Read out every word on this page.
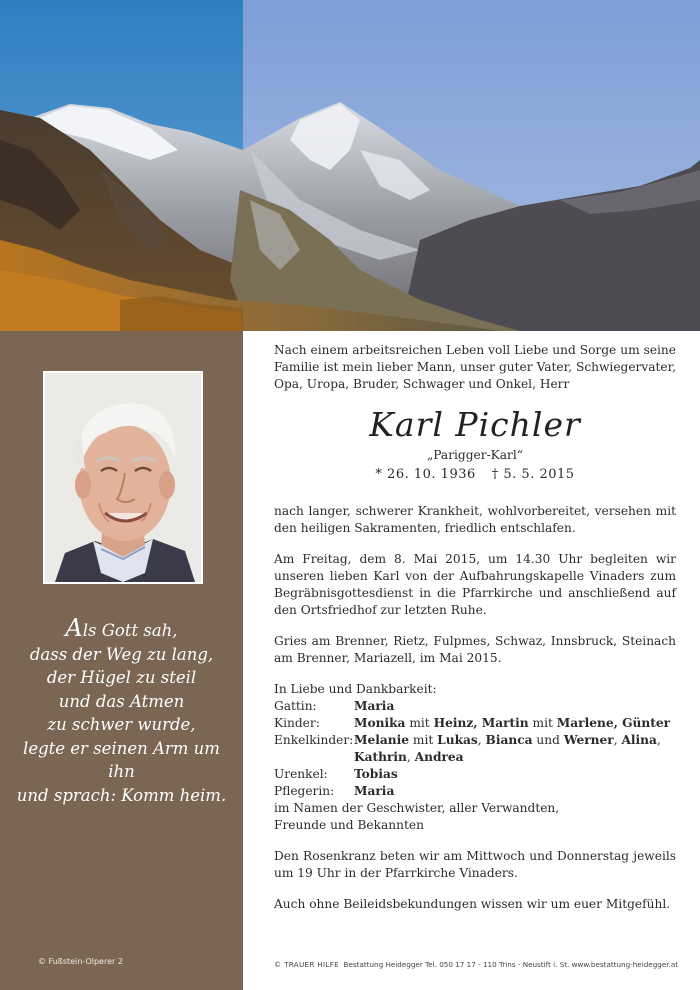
Als Gott sah,
dass der Weg zu lang,
der Hügel zu steil
und das Atmen
zu schwer wurde,
legte er seinen Arm um ihn
und sprach: Komm heim.
© Fußstein-Olperer 2

Nach einem arbeitsreichen Leben voll Liebe und Sorge um seine Familie ist mein lieber Mann, unser guter Vater, Schwiegervater, Opa, Uropa, Bruder, Schwager und Onkel, Herr

Karl Pichler
„Parigger-Karl“
* 26. 10. 1936 † 5. 5. 2015

nach langer, schwerer Krankheit, wohlvorbereitet, versehen mit den heiligen Sakramenten, friedlich entschlafen.

Am Freitag, dem 8. Mai 2015, um 14.30 Uhr begleiten wir unseren lieben Karl von der Aufbahrungskapelle Vinaders zum Begräbnisgottesdienst in die Pfarrkirche und anschließend auf den Ortsfriedhof zur letzten Ruhe.

Gries am Brenner, Rietz, Fulpmes, Schwaz, Innsbruck, Steinach am Brenner, Mariazell, im Mai 2015.

In Liebe und Dankbarkeit:
Gattin:	Maria
Kinder:	Monika mit Heinz, Martin mit Marlene, Günter
Enkelkinder: Melanie mit Lukas, Bianca und Werner, Alina,
Kathrin, Andrea
Urenkel:	Tobias
Pflegerin:	Maria
im Namen der Geschwister, aller Verwandten,
Freunde und Bekannten

Den Rosenkranz beten wir am Mittwoch und Donnerstag jeweils um 19 Uhr in der Pfarrkirche Vinaders.

Auch ohne Beileidsbekundungen wissen wir um euer Mitgefühl.

© TRAUER HILFE Bestattung Heidegger Tel. 050 17 17 - 110 Trins - Neustift i. St. www.bestattung-heidegger.at
